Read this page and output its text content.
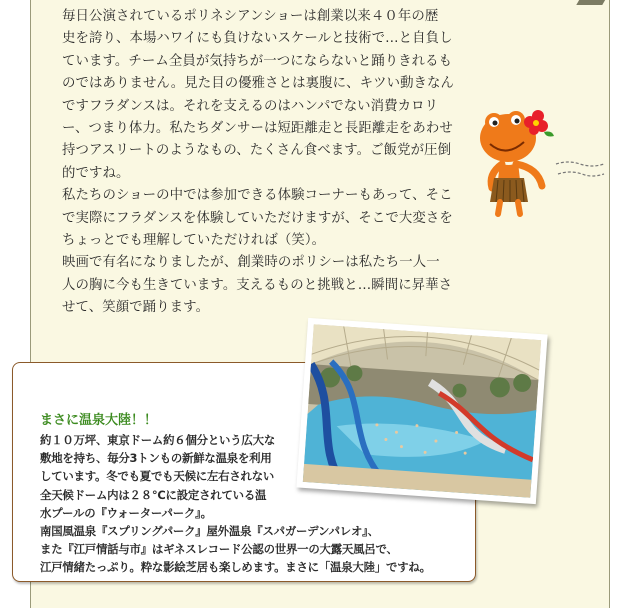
毎日公演されているポリネシアンショーは創業以来４０年の歴
史を誇り、本場ハワイにも負けないスケールと技術で…と自負し
ています。チーム全員が気持ちが一つにならないと踊りきれるも
のではありません。見た目の優雅さとは裏腹に、キツい動きなん
ですフラダンスは。それを支えるのはハンパでない消費カロリ
ー、つまり体力。私たちダンサーは短距離走と長距離走をあわせ
持つアスリートのようなもの、たくさん食べます。ご飯党が圧倒
的ですね。

私たちのショーの中では参加できる体験コーナーもあって、そこ
で実際にフラダンスを体験していただけますが、そこで大変さを
ちょっとでも理解していただければ（笑）。

映画で有名になりましたが、創業時のポリシーは私たち一人一
人の胸に今も生きています。支えるものと挑戦と…瞬間に昇華さ
せて、笑顔で踊ります。

まさに温泉大陸！！

約１０万坪、東京ドーム約６個分という広大な

敷地を持ち、毎分3トンもの新鮮な温泉を利用

しています。冬でも夏でも天候に左右されない

全天候ドーム内は２８℃に設定されている温

水プールの『ウォーターパーク』。

南国風温泉『スプリングパーク』屋外温泉『スパガーデンパレオ』、

また『江戸情話与市』はギネスレコード公認の世界一の大露天風呂で、

江戸情緒たっぷり。粋な影絵芝居も楽しめます。まさに「温泉大陸」ですね。
